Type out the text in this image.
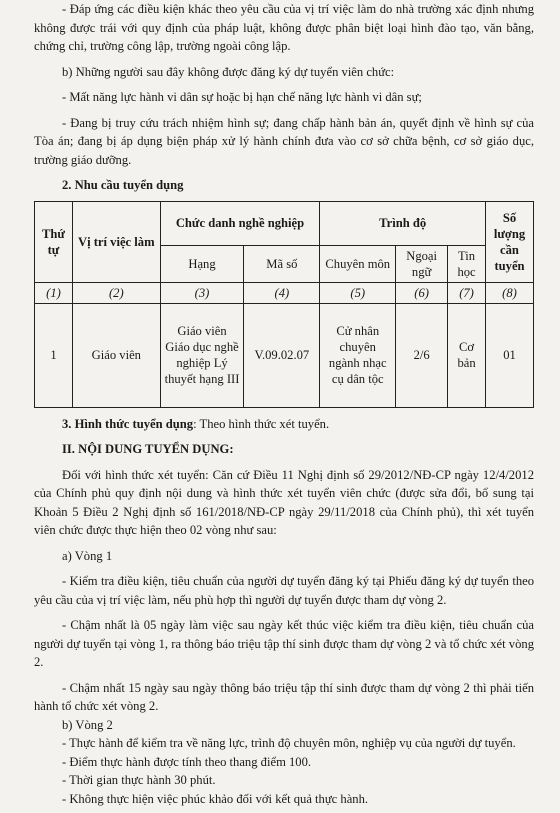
- Đáp ứng các điều kiện khác theo yêu cầu của vị trí việc làm do nhà trường xác định nhưng không được trái với quy định của pháp luật, không được phân biệt loại hình đào tạo, văn bằng, chứng chỉ, trường công lập, trường ngoài công lập.

b) Những người sau đây không được đăng ký dự tuyển viên chức:

- Mất năng lực hành vi dân sự hoặc bị hạn chế năng lực hành vi dân sự;

- Đang bị truy cứu trách nhiệm hình sự; đang chấp hành bản án, quyết định về hình sự của Tòa án; đang bị áp dụng biện pháp xử lý hành chính đưa vào cơ sở chữa bệnh, cơ sở giáo dục, trường giáo dưỡng.

2. Nhu cầu tuyển dụng

Thứ tự	Vị trí việc làm	Chức danh nghề nghiệp		Trình độ			Số lượng cần tuyển
		Hạng	Mã số	Chuyên môn	Ngoại ngữ	Tin học	
(1)	(2)	(3)	(4)	(5)	(6)	(7)	(8)
1	Giáo viên	Giáo viên Giáo dục nghề nghiệp Lý thuyết hạng III	V.09.02.07	Cử nhân chuyên ngành nhạc cụ dân tộc	2/6	Cơ bản	01

3. Hình thức tuyển dụng: Theo hình thức xét tuyển.

II. NỘI DUNG TUYỂN DỤNG:

Đối với hình thức xét tuyển: Căn cứ Điều 11 Nghị định số 29/2012/NĐ-CP ngày 12/4/2012 của Chính phủ quy định nội dung và hình thức xét tuyển viên chức (được sửa đổi, bổ sung tại Khoản 5 Điều 2 Nghị định số 161/2018/NĐ-CP ngày 29/11/2018 của Chính phủ), thì xét tuyển viên chức được thực hiện theo 02 vòng như sau:

a) Vòng 1

- Kiểm tra điều kiện, tiêu chuẩn của người dự tuyển đăng ký tại Phiếu đăng ký dự tuyển theo yêu cầu của vị trí việc làm, nếu phù hợp thì người dự tuyển được tham dự vòng 2.

- Chậm nhất là 05 ngày làm việc sau ngày kết thúc việc kiểm tra điều kiện, tiêu chuẩn của người dự tuyển tại vòng 1, ra thông báo triệu tập thí sinh được tham dự vòng 2 và tổ chức xét vòng 2.

- Chậm nhất 15 ngày sau ngày thông báo triệu tập thí sinh được tham dự vòng 2 thì phải tiến hành tổ chức xét vòng 2.

b) Vòng 2

- Thực hành để kiểm tra về năng lực, trình độ chuyên môn, nghiệp vụ của người dự tuyển.

- Điểm thực hành được tính theo thang điểm 100.

- Thời gian thực hành 30 phút.

- Không thực hiện việc phúc khảo đối với kết quả thực hành.
